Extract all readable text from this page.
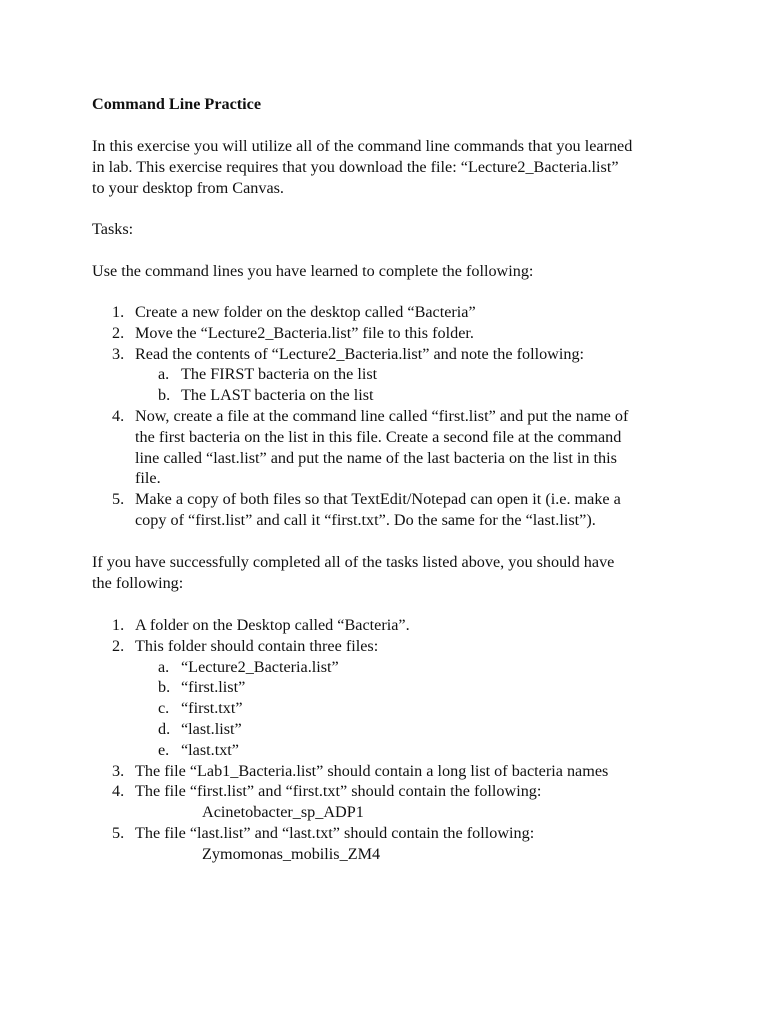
Command Line Practice
In this exercise you will utilize all of the command line commands that you learned
in lab. This exercise requires that you download the file: “Lecture2_Bacteria.list”
to your desktop from Canvas.
Tasks:
Use the command lines you have learned to complete the following:
1. Create a new folder on the desktop called “Bacteria”
2. Move the “Lecture2_Bacteria.list” file to this folder.
3. Read the contents of “Lecture2_Bacteria.list” and note the following:
a. The FIRST bacteria on the list
b. The LAST bacteria on the list
4. Now, create a file at the command line called “first.list” and put the name of
the first bacteria on the list in this file. Create a second file at the command
line called “last.list” and put the name of the last bacteria on the list in this
file.
5. Make a copy of both files so that TextEdit/Notepad can open it (i.e. make a
copy of “first.list” and call it “first.txt”. Do the same for the “last.list”).
If you have successfully completed all of the tasks listed above, you should have
the following:
1. A folder on the Desktop called “Bacteria”.
2. This folder should contain three files:
a. “Lecture2_Bacteria.list”
b. “first.list”
c. “first.txt”
d. “last.list”
e. “last.txt”
3. The file “Lab1_Bacteria.list” should contain a long list of bacteria names
4. The file “first.list” and “first.txt” should contain the following:
Acinetobacter_sp_ADP1
5. The file “last.list” and “last.txt” should contain the following:
Zymomonas_mobilis_ZM4
